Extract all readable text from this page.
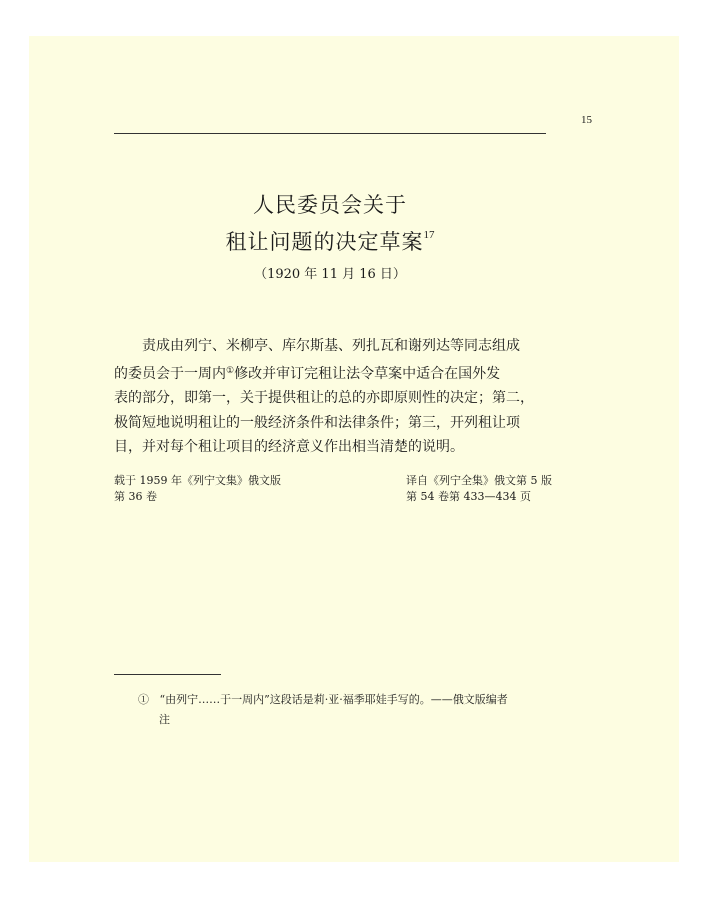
15
人民委员会关于
租让问题的决定草案$^{17}$
（1920 年 11 月 16 日）
责成由列宁、米柳亭、库尔斯基、列扎瓦和谢列达等同志组成
的委员会于一周内①修改并审订完租让法令草案中适合在国外发
表的部分，即第一，关于提供租让的总的亦即原则性的决定；第二，
极简短地说明租让的一般经济条件和法律条件；第三，开列租让项
目，并对每个租让项目的经济意义作出相当清楚的说明。
载于 1959 年《列宁文集》俄文版
第 36 卷
译自《列宁全集》俄文第 5 版
第 54 卷第 433—434 页
① “由列宁……于一周内”这段话是莉·亚·福季耶娃手写的。——俄文版编者
注
